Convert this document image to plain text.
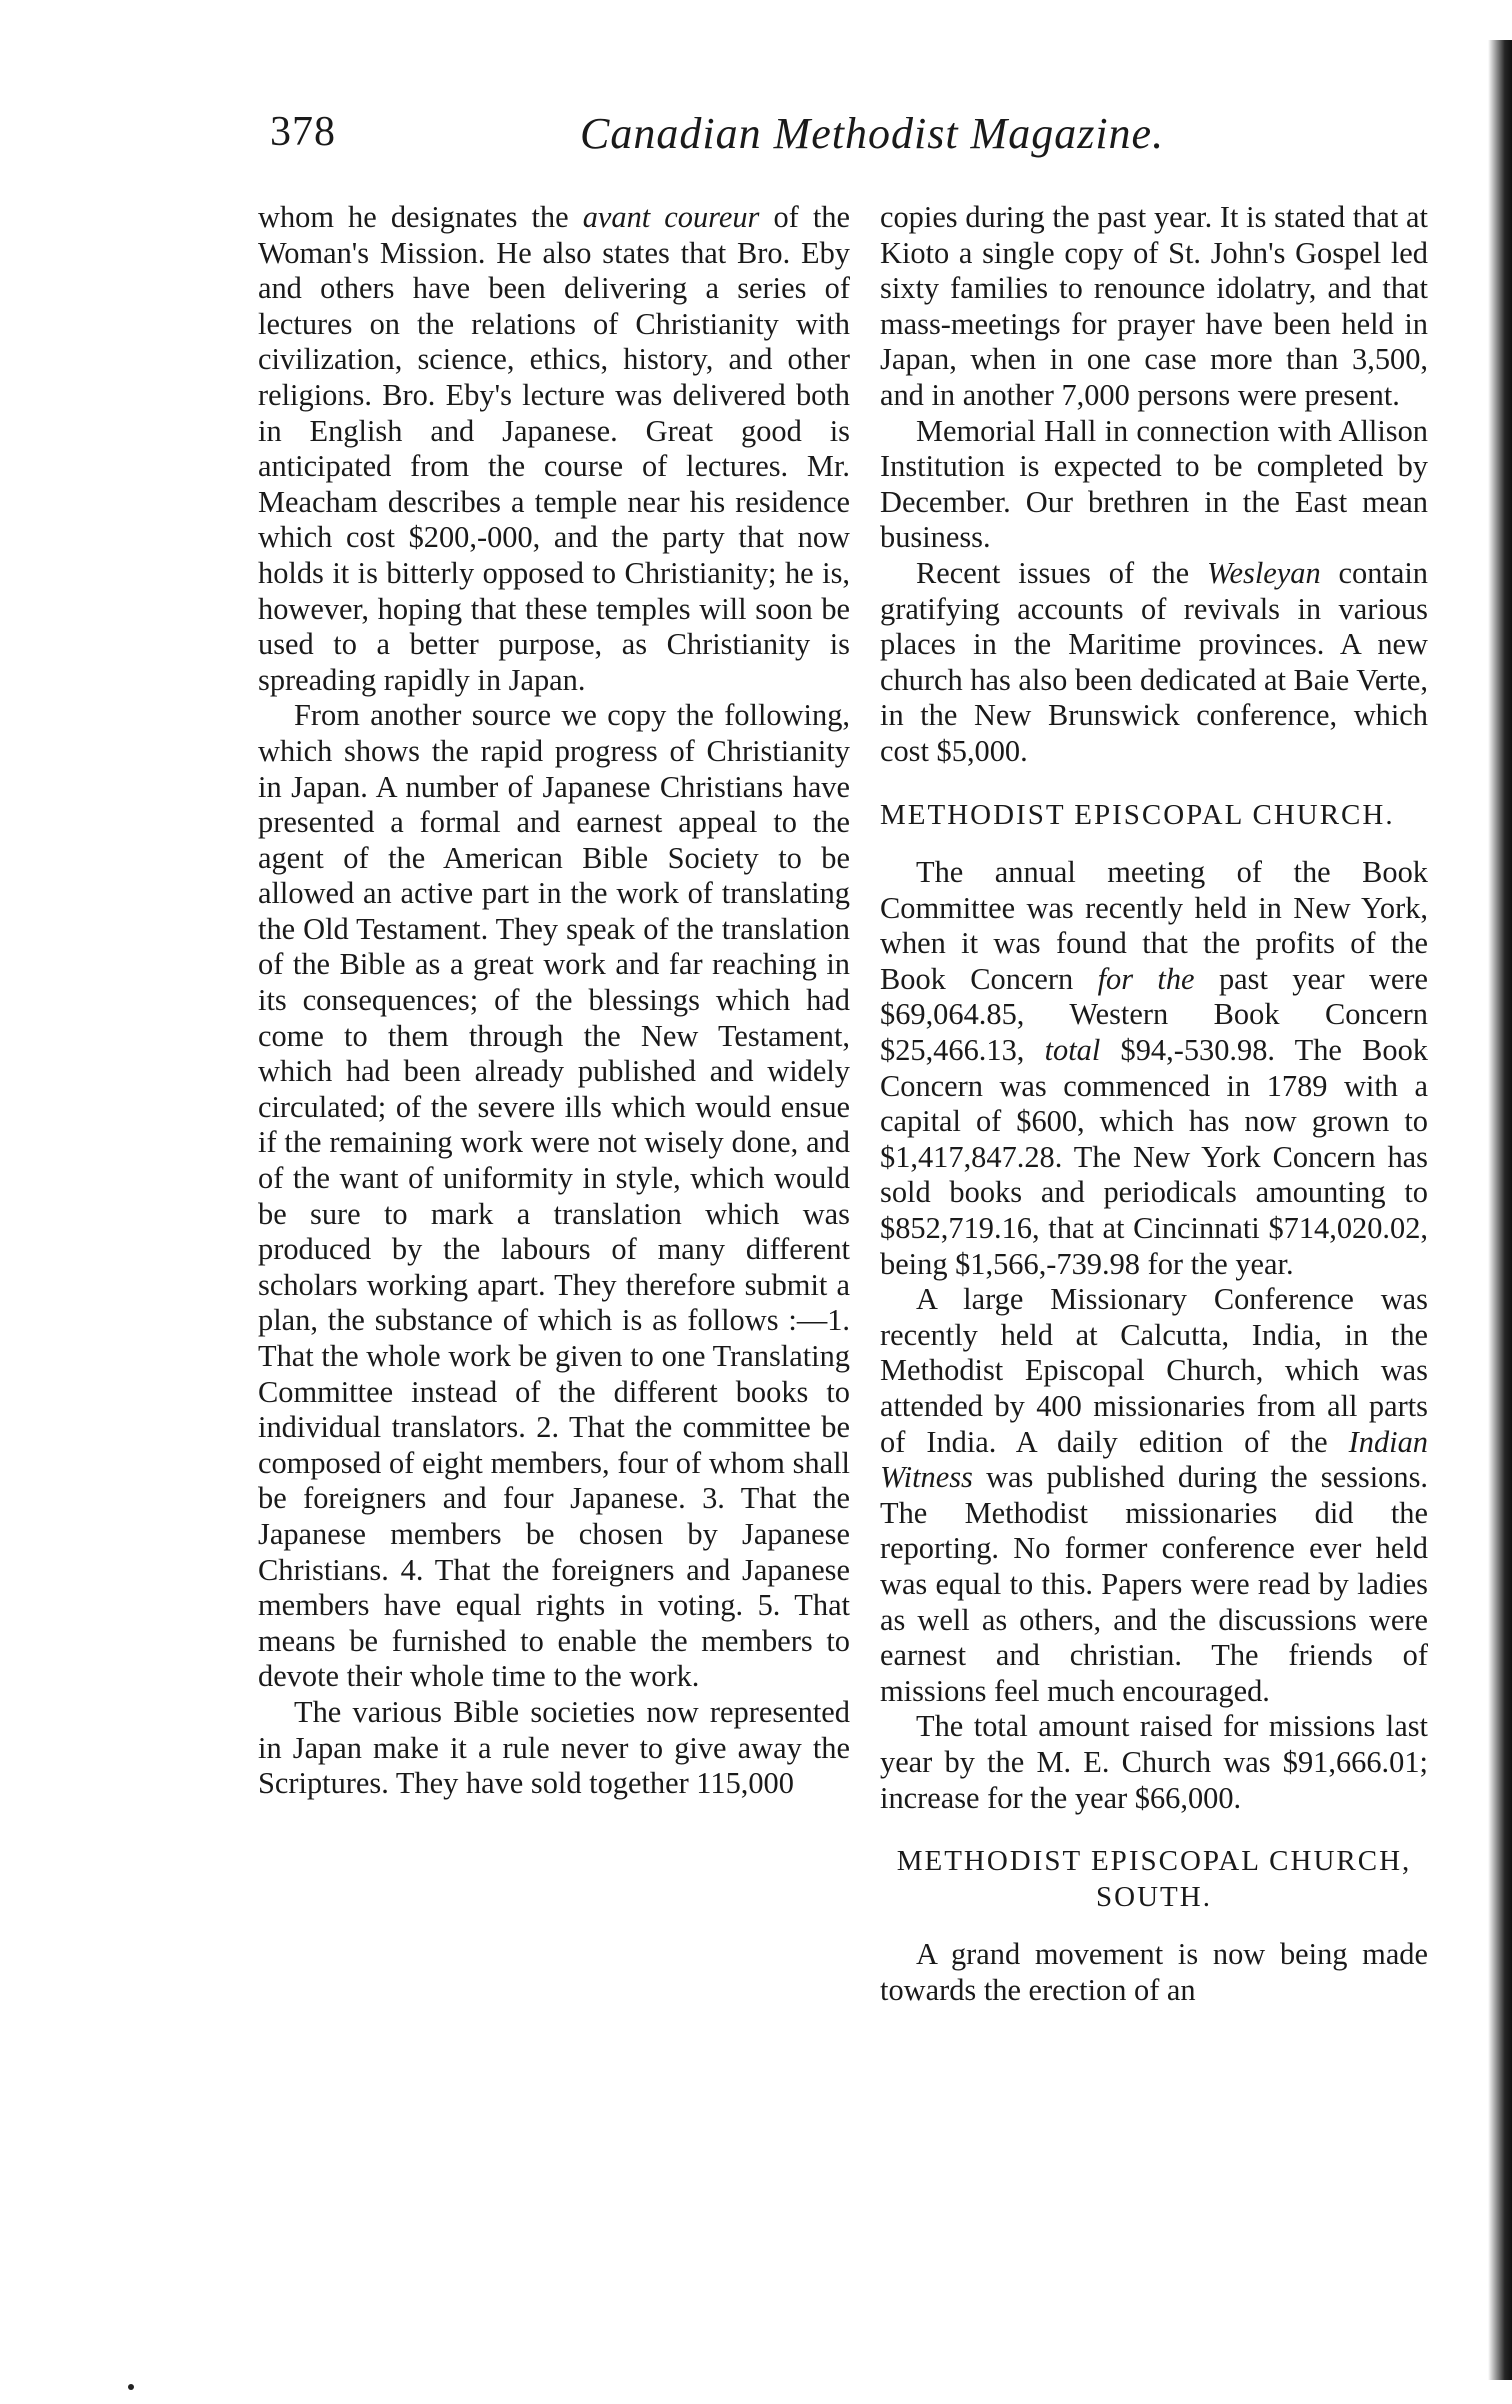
378	Canadian Methodist Magazine.

whom he designates the avant coureur of the Woman's Mission. He also states that Bro. Eby and others have been delivering a series of lectures on the relations of Christianity with civilization, science, ethics, history, and other religions. Bro. Eby's lecture was delivered both in English and Japanese. Great good is anticipated from the course of lectures. Mr. Meacham describes a temple near his residence which cost $200,-000, and the party that now holds it is bitterly opposed to Christianity; he is, however, hoping that these temples will soon be used to a better purpose, as Christianity is spreading rapidly in Japan.

From another source we copy the following, which shows the rapid progress of Christianity in Japan. A number of Japanese Christians have presented a formal and earnest appeal to the agent of the American Bible Society to be allowed an active part in the work of translating the Old Testament. They speak of the translation of the Bible as a great work and far reaching in its consequences; of the blessings which had come to them through the New Testament, which had been already published and widely circulated; of the severe ills which would ensue if the remaining work were not wisely done, and of the want of uniformity in style, which would be sure to mark a translation which was produced by the labours of many different scholars working apart. They therefore submit a plan, the substance of which is as follows :—1. That the whole work be given to one Translating Committee instead of the different books to individual translators. 2. That the committee be composed of eight members, four of whom shall be foreigners and four Japanese. 3. That the Japanese members be chosen by Japanese Christians. 4. That the foreigners and Japanese members have equal rights in voting. 5. That means be furnished to enable the members to devote their whole time to the work.

The various Bible societies now represented in Japan make it a rule never to give away the Scriptures. They have sold together 115,000

copies during the past year. It is stated that at Kioto a single copy of St. John's Gospel led sixty families to renounce idolatry, and that mass-meetings for prayer have been held in Japan, when in one case more than 3,500, and in another 7,000 persons were present.

Memorial Hall in connection with Allison Institution is expected to be completed by December. Our brethren in the East mean business.

Recent issues of the Wesleyan contain gratifying accounts of revivals in various places in the Maritime provinces. A new church has also been dedicated at Baie Verte, in the New Brunswick conference, which cost $5,000.

METHODIST EPISCOPAL CHURCH.

The annual meeting of the Book Committee was recently held in New York, when it was found that the profits of the Book Concern for the past year were $69,064.85, Western Book Concern $25,466.13, total $94,-530.98. The Book Concern was commenced in 1789 with a capital of $600, which has now grown to $1,417,847.28. The New York Concern has sold books and periodicals amounting to $852,719.16, that at Cincinnati $714,020.02, being $1,566,-739.98 for the year.

A large Missionary Conference was recently held at Calcutta, India, in the Methodist Episcopal Church, which was attended by 400 missionaries from all parts of India. A daily edition of the Indian Witness was published during the sessions. The Methodist missionaries did the reporting. No former conference ever held was equal to this. Papers were read by ladies as well as others, and the discussions were earnest and christian. The friends of missions feel much encouraged.

The total amount raised for missions last year by the M. E. Church was $91,666.01; increase for the year $66,000.

METHODIST EPISCOPAL CHURCH, SOUTH.

A grand movement is now being made towards the erection of an
